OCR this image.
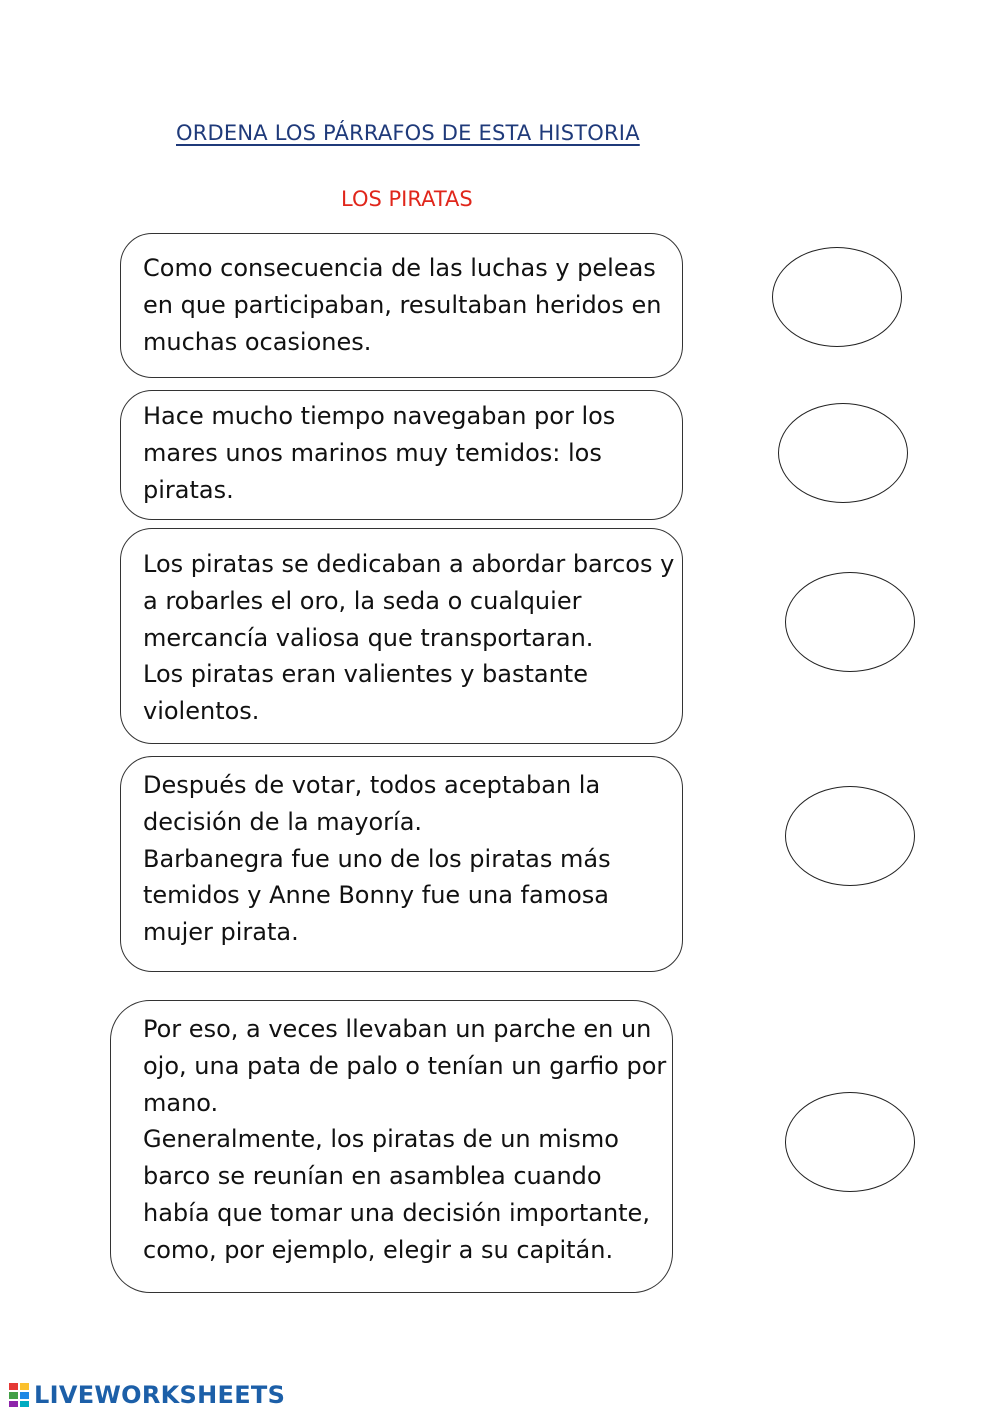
ORDENA LOS PÁRRAFOS DE ESTA HISTORIA
LOS PIRATAS
Como consecuencia de las luchas y peleas
en que participaban, resultaban heridos en
muchas ocasiones.
Hace mucho tiempo navegaban por los
mares unos marinos muy temidos: los
piratas.
Los piratas se dedicaban a abordar barcos y
a robarles el oro, la seda o cualquier
mercancía valiosa que transportaran.
Los piratas eran valientes y bastante
violentos.
Después de votar, todos aceptaban la
decisión de la mayoría.
Barbanegra fue uno de los piratas más
temidos y Anne Bonny fue una famosa
mujer pirata.
Por eso, a veces llevaban un parche en un
ojo, una pata de palo o tenían un garfio por
mano.
Generalmente, los piratas de un mismo
barco se reunían en asamblea cuando
había que tomar una decisión importante,
como, por ejemplo, elegir a su capitán.
LIVEWORKSHEETS
